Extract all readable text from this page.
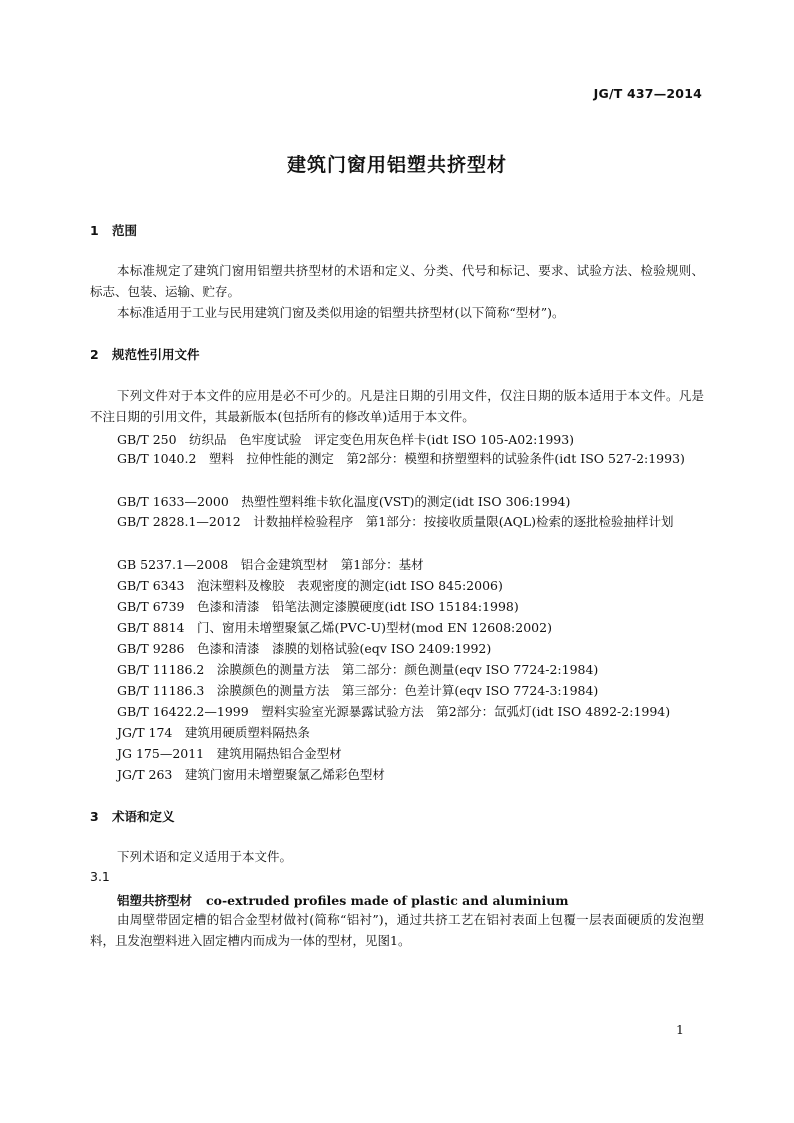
JG/T 437—2014
建筑门窗用铝塑共挤型材
1 范围
本标准规定了建筑门窗用铝塑共挤型材的术语和定义、分类、代号和标记、要求、试验方法、检验规则、标志、包装、运输、贮存。
本标准适用于工业与民用建筑门窗及类似用途的铝塑共挤型材(以下简称“型材”)。
2 规范性引用文件
下列文件对于本文件的应用是必不可少的。凡是注日期的引用文件，仅注日期的版本适用于本文件。凡是不注日期的引用文件，其最新版本(包括所有的修改单)适用于本文件。
GB/T 250　纺织品　色牢度试验　评定变色用灰色样卡(idt ISO 105-A02:1993)
GB/T 1040.2　塑料　拉伸性能的测定　第2部分：模塑和挤塑塑料的试验条件(idt ISO 527-2:1993)
GB/T 1633—2000　热塑性塑料维卡软化温度(VST)的测定(idt ISO 306:1994)
GB/T 2828.1—2012　计数抽样检验程序　第1部分：按接收质量限(AQL)检索的逐批检验抽样计划
GB 5237.1—2008　铝合金建筑型材　第1部分：基材
GB/T 6343　泡沫塑料及橡胶　表观密度的测定(idt ISO 845:2006)
GB/T 6739　色漆和清漆　铅笔法测定漆膜硬度(idt ISO 15184:1998)
GB/T 8814　门、窗用未增塑聚氯乙烯(PVC-U)型材(mod EN 12608:2002)
GB/T 9286　色漆和清漆　漆膜的划格试验(eqv ISO 2409:1992)
GB/T 11186.2　涂膜颜色的测量方法　第二部分：颜色测量(eqv ISO 7724-2:1984)
GB/T 11186.3　涂膜颜色的测量方法　第三部分：色差计算(eqv ISO 7724-3:1984)
GB/T 16422.2—1999　塑料实验室光源暴露试验方法　第2部分：氙弧灯(idt ISO 4892-2:1994)
JG/T 174　建筑用硬质塑料隔热条
JG 175—2011　建筑用隔热铝合金型材
JG/T 263　建筑门窗用未增塑聚氯乙烯彩色型材
3 术语和定义
下列术语和定义适用于本文件。
3.1
铝塑共挤型材 co-extruded profiles made of plastic and aluminium
由周壁带固定槽的铝合金型材做衬(简称“铝衬”)，通过共挤工艺在铝衬表面上包覆一层表面硬质的发泡塑料，且发泡塑料进入固定槽内而成为一体的型材，见图1。
1
